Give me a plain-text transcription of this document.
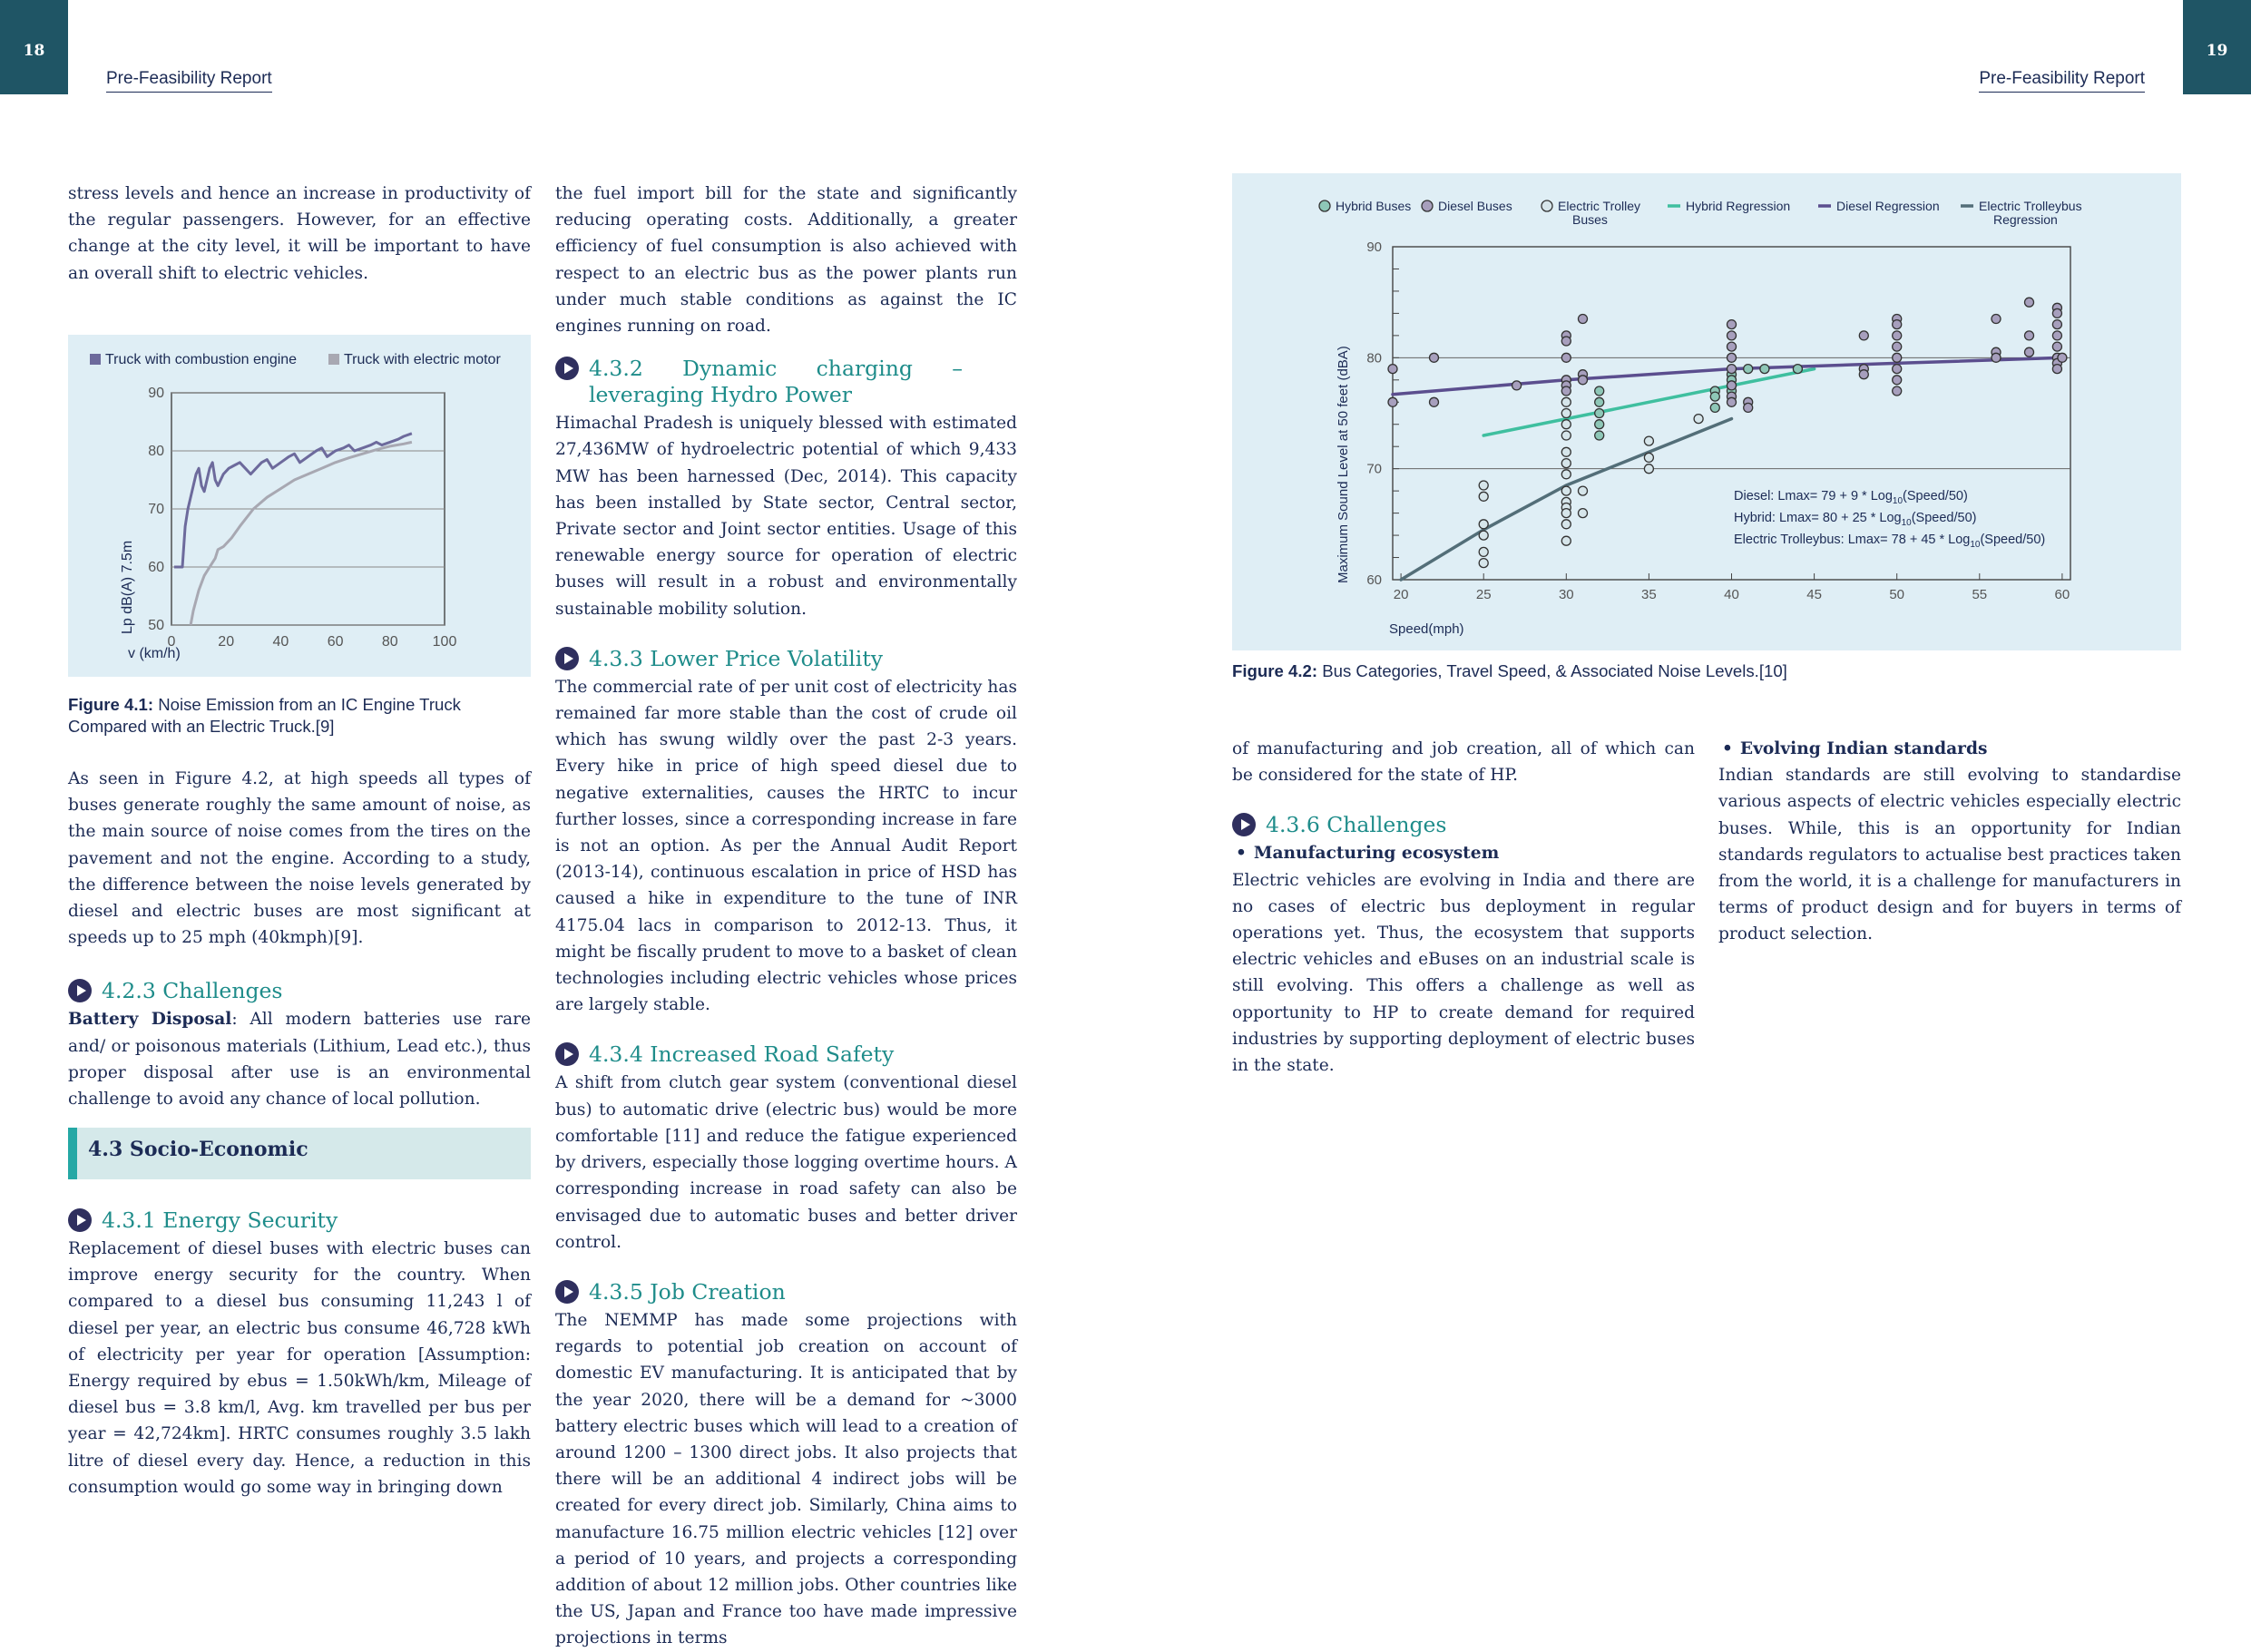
18	19
Pre-Feasibility Report	Pre-Feasibility Report

stress levels and hence an increase in productivity of the regular passengers. However, for an effective change at the city level, it will be important to have an overall shift to electric vehicles.

Truck with combustion engine	Truck with electric motor
50
60
70
80
90
0	20	40	60	80 100
v (km/h)
Lp dB(A) 7.5m
Figure 4.1: Noise Emission from an IC Engine Truck Compared with an Electric Truck.[9]

As seen in Figure 4.2, at high speeds all types of buses generate roughly the same amount of noise, as the main source of noise comes from the tires on the pavement and not the engine. According to a study, the difference between the noise levels generated by diesel and electric buses are most significant at speeds up to 25 mph (40kmph)[9].

4.2.3 Challenges

Battery Disposal: All modern batteries use rare and/ or poisonous materials (Lithium, Lead etc.), thus proper disposal after use is an environmental challenge to avoid any chance of local pollution.

4.3 Socio-Economic
4.3.1 Energy Security

Replacement of diesel buses with electric buses can improve energy security for the country. When compared to a diesel bus consuming 11,243 l of diesel per year, an electric bus consume 46,728 kWh of electricity per year for operation [Assumption: Energy required by ebus = 1.50kWh/km, Mileage of diesel bus = 3.8 km/l, Avg. km travelled per bus per year = 42,724km]. HRTC consumes roughly 3.5 lakh litre of diesel every day. Hence, a reduction in this consumption would go some way in bringing down

the fuel import bill for the state and significantly reducing operating costs. Additionally, a greater efficiency of fuel consumption is also achieved with respect to an electric bus as the power plants run under much stable conditions as against the IC engines running on road.

4.3.2 Dynamic charging – leveraging Hydro Power

Himachal Pradesh is uniquely blessed with estimated 27,436MW of hydroelectric potential of which 9,433 MW has been harnessed (Dec, 2014). This capacity has been installed by State sector, Central sector, Private sector and Joint sector entities. Usage of this renewable energy source for operation of electric buses will result in a robust and environmentally sustainable mobility solution.

4.3.3 Lower Price Volatility

The commercial rate of per unit cost of electricity has remained far more stable than the cost of crude oil which has swung wildly over the past 2-3 years. Every hike in price of high speed diesel due to negative externalities, causes the HRTC to incur further losses, since a corresponding increase in fare is not an option. As per the Annual Audit Report (2013-14), continuous escalation in price of HSD has caused a hike in expenditure to the tune of INR 4175.04 lacs in comparison to 2012-13. Thus, it might be fiscally prudent to move to a basket of clean technologies including electric vehicles whose prices are largely stable.

4.3.4 Increased Road Safety

A shift from clutch gear system (conventional diesel bus) to automatic drive (electric bus) would be more comfortable [11] and reduce the fatigue experienced by drivers, especially those logging overtime hours. A corresponding increase in road safety can also be envisaged due to automatic buses and better driver control.

4.3.5 Job Creation

The NEMMP has made some projections with regards to potential job creation on account of domestic EV manufacturing. It is anticipated that by the year 2020, there will be a demand for ~3000 battery electric buses which will lead to a creation of around 1200 – 1300 direct jobs. It also projects that there will be an additional 4 indirect jobs will be created for every direct job. Similarly, China aims to manufacture 16.75 million electric vehicles [12] over a period of 10 years, and projects a corresponding addition of about 12 million jobs. Other countries like the US, Japan and France too have made impressive projections in terms

Hybrid Buses Diesel Buses	Electric Trolley
Buses
Hybrid Regression	Diesel Regression	Electric Trolleybus
Regression
60
70
80
90
20	25	30	35	40	45	50	55	60
Diesel: Lmax= 79 + 9 * Log$_{10}$(Speed/50)
Hybrid: Lmax= 80 + 25 * Log$_{10}$(Speed/50)
Electric Trolleybus: Lmax= 78 + 45 * Log$_{10}$(Speed/50)
Speed(mph)
Maximum Sound Level at 50 feet (dBA)
Figure 4.2: Bus Categories, Travel Speed, & Associated Noise Levels.[10]

of manufacturing and job creation, all of which can be considered for the state of HP.

4.3.6 Challenges
• Manufacturing ecosystem

Electric vehicles are evolving in India and there are no cases of electric bus deployment in regular operations yet. Thus, the ecosystem that supports electric vehicles and eBuses on an industrial scale is still evolving. This offers a challenge as well as opportunity to HP to create demand for required industries by supporting deployment of electric buses in the state.

• Evolving Indian standards

Indian standards are still evolving to standardise various aspects of electric vehicles especially electric buses. While, this is an opportunity for Indian standards regulators to actualise best practices taken from the world, it is a challenge for manufacturers in terms of product design and for buyers in terms of product selection.
